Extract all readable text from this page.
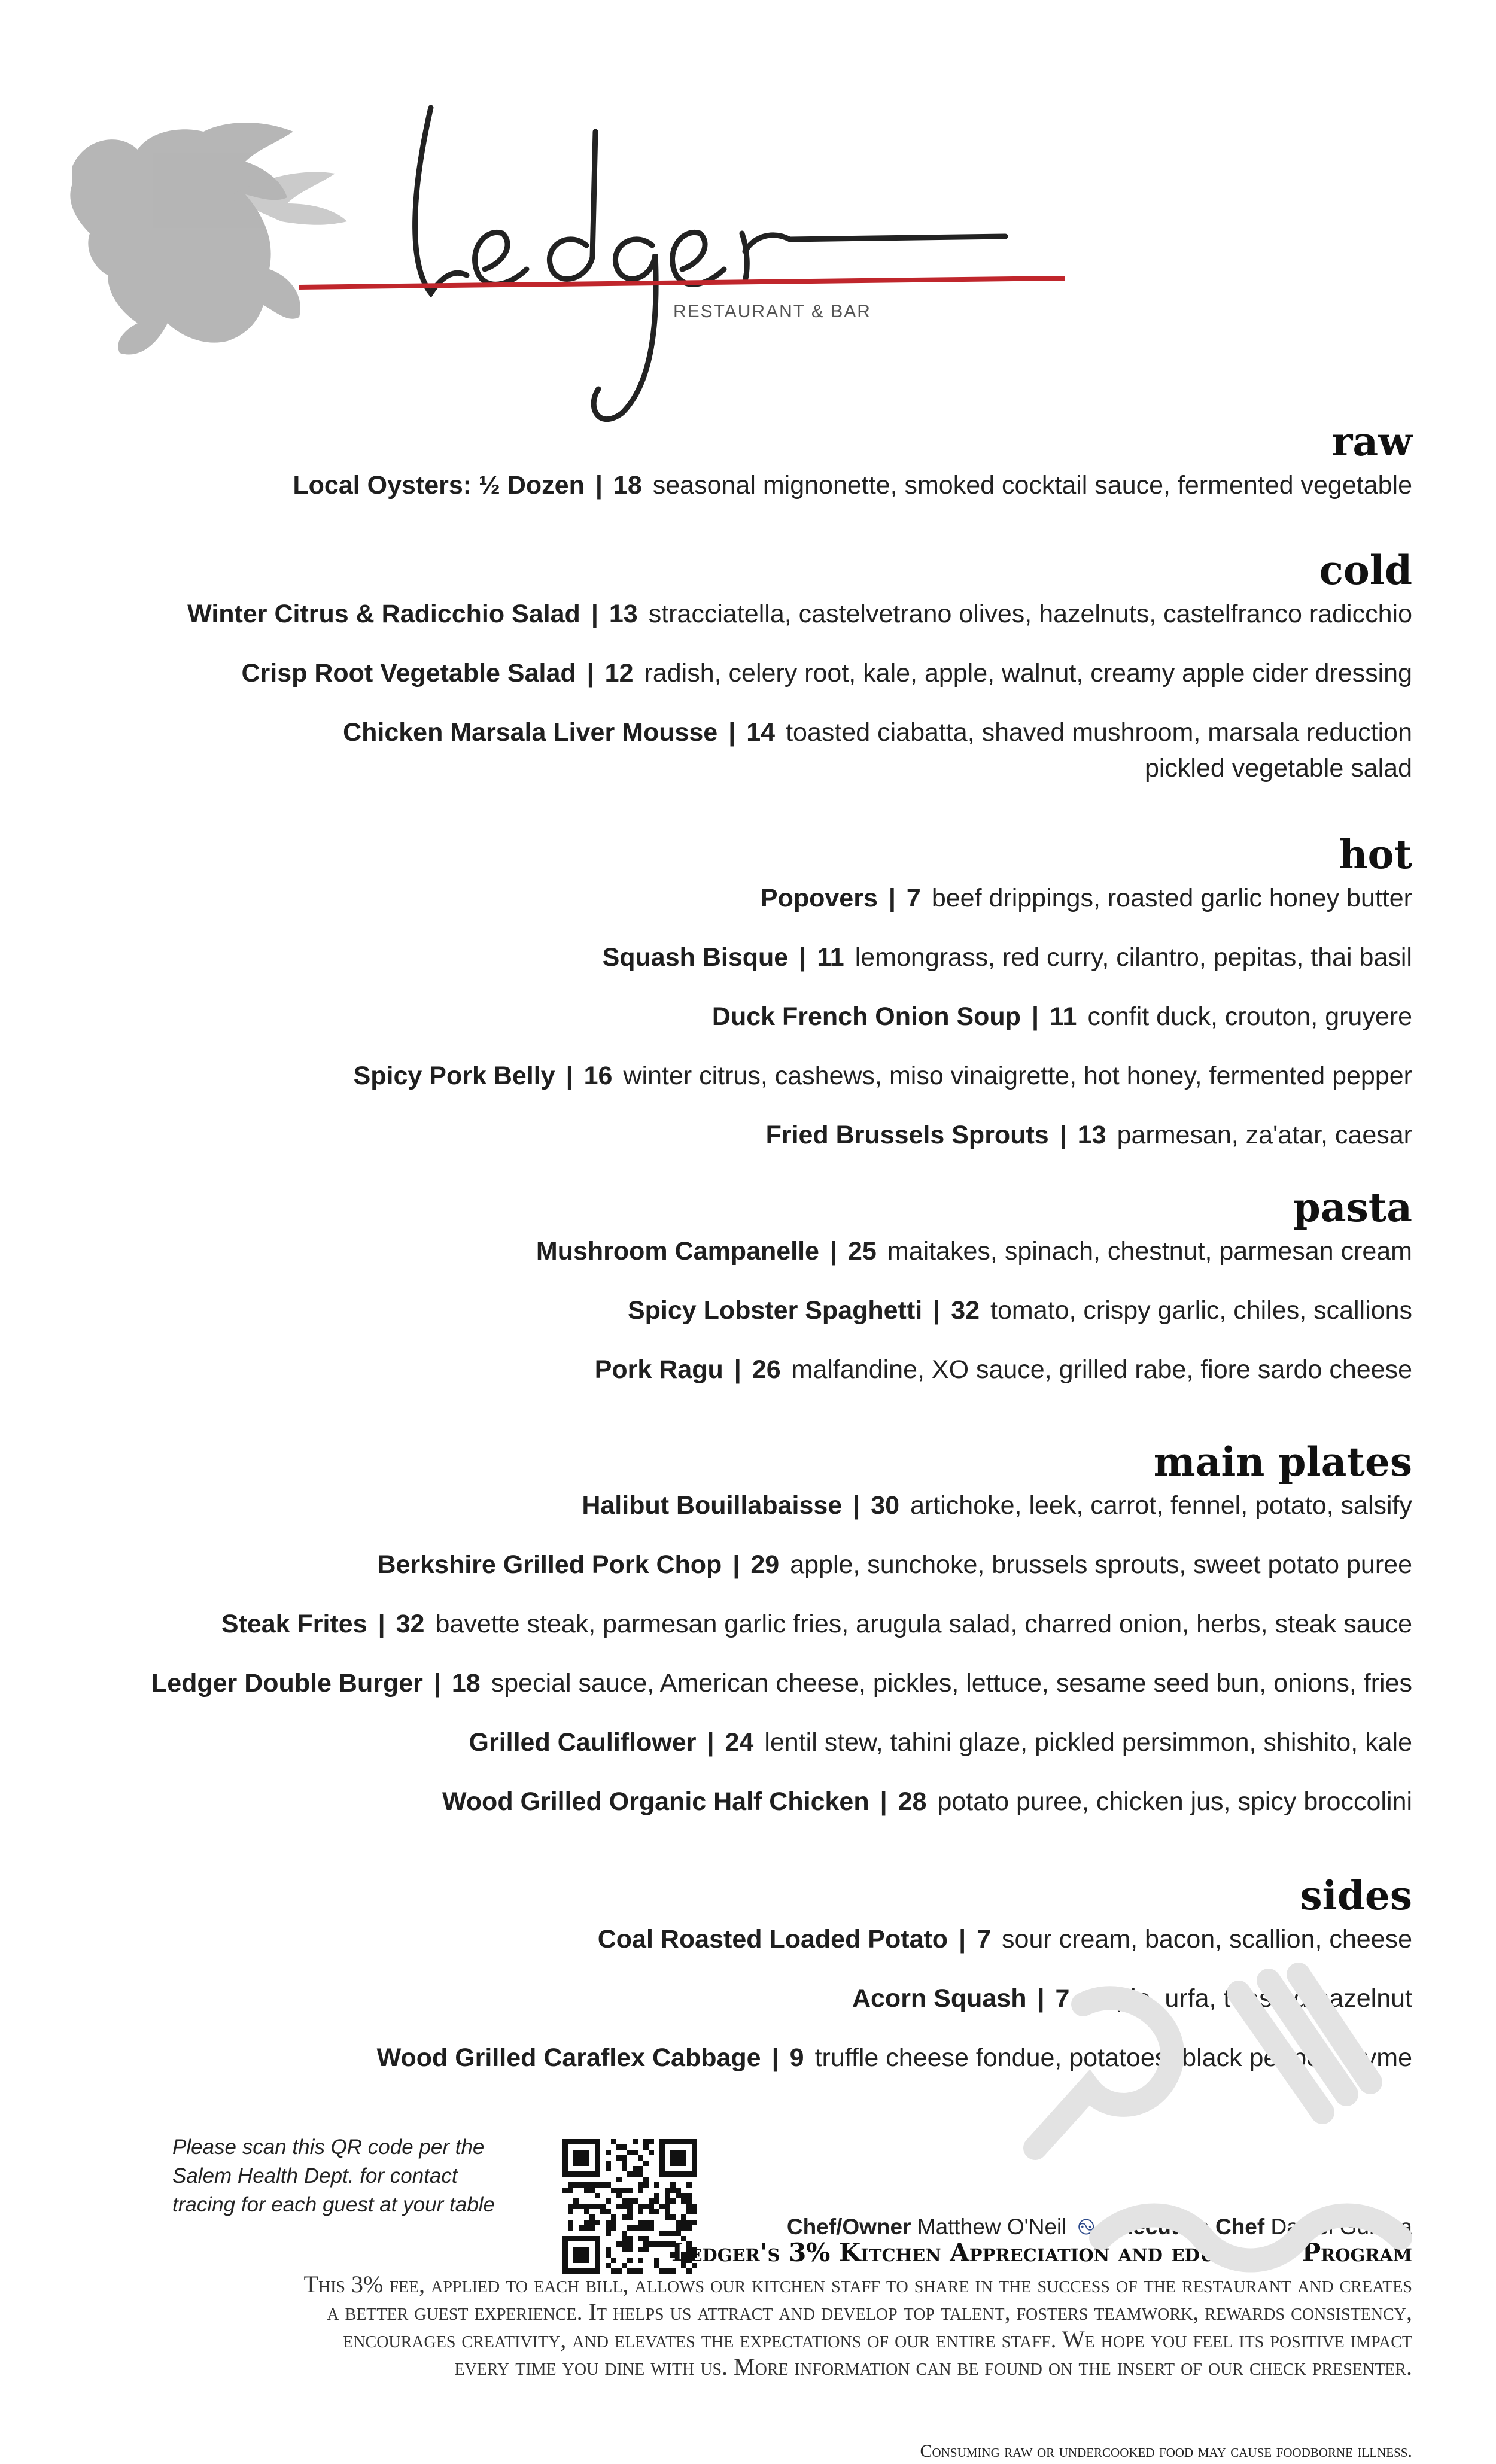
RESTAURANT & BAR
raw
Local Oysters: ½ Dozen | 18 seasonal mignonette, smoked cocktail sauce, fermented vegetable
cold
Winter Citrus & Radicchio Salad | 13 stracciatella, castelvetrano olives, hazelnuts, castelfranco radicchio
Crisp Root Vegetable Salad | 12 radish, celery root, kale, apple, walnut, creamy apple cider dressing
Chicken Marsala Liver Mousse | 14 toasted ciabatta, shaved mushroom, marsala reduction
pickled vegetable salad
hot
Popovers | 7 beef drippings, roasted garlic honey butter
Squash Bisque | 11 lemongrass, red curry, cilantro, pepitas, thai basil
Duck French Onion Soup | 11 confit duck, crouton, gruyere
Spicy Pork Belly | 16 winter citrus, cashews, miso vinaigrette, hot honey, fermented pepper
Fried Brussels Sprouts | 13 parmesan, za'atar, caesar
pasta
Mushroom Campanelle | 25 maitakes, spinach, chestnut, parmesan cream
Spicy Lobster Spaghetti | 32 tomato, crispy garlic, chiles, scallions
Pork Ragu | 26 malfandine, XO sauce, grilled rabe, fiore sardo cheese
main plates
Halibut Bouillabaisse | 30 artichoke, leek, carrot, fennel, potato, salsify
Berkshire Grilled Pork Chop | 29 apple, sunchoke, brussels sprouts, sweet potato puree
Steak Frites | 32 bavette steak, parmesan garlic fries, arugula salad, charred onion, herbs, steak sauce
Ledger Double Burger | 18 special sauce, American cheese, pickles, lettuce, sesame seed bun, onions, fries
Grilled Cauliflower | 24 lentil stew, tahini glaze, pickled persimmon, shishito, kale
Wood Grilled Organic Half Chicken | 28 potato puree, chicken jus, spicy broccolini
sides
Coal Roasted Loaded Potato | 7 sour cream, bacon, scallion, cheese
Acorn Squash | 7 maple, urfa, toasted hazelnut
Wood Grilled Caraflex Cabbage | 9 truffle cheese fondue, potatoes, black pepper, thyme
Please scan this QR code per the
Salem Health Dept. for contact
tracing for each guest at your table
Chef/Owner Matthew O'Neil ࿊ Executive Chef Daniel Gursha
Ledger's 3% Kitchen Appreciation and education Program
This 3% fee, applied to each bill, allows our kitchen staff to share in the success of the restaurant and creates
a better guest experience. It helps us attract and develop top talent, fosters teamwork, rewards consistency,
encourages creativity, and elevates the expectations of our entire staff. We hope you feel its positive impact
every time you dine with us. More information can be found on the insert of our check presenter.
Consuming raw or undercooked food may cause foodborne illness.
